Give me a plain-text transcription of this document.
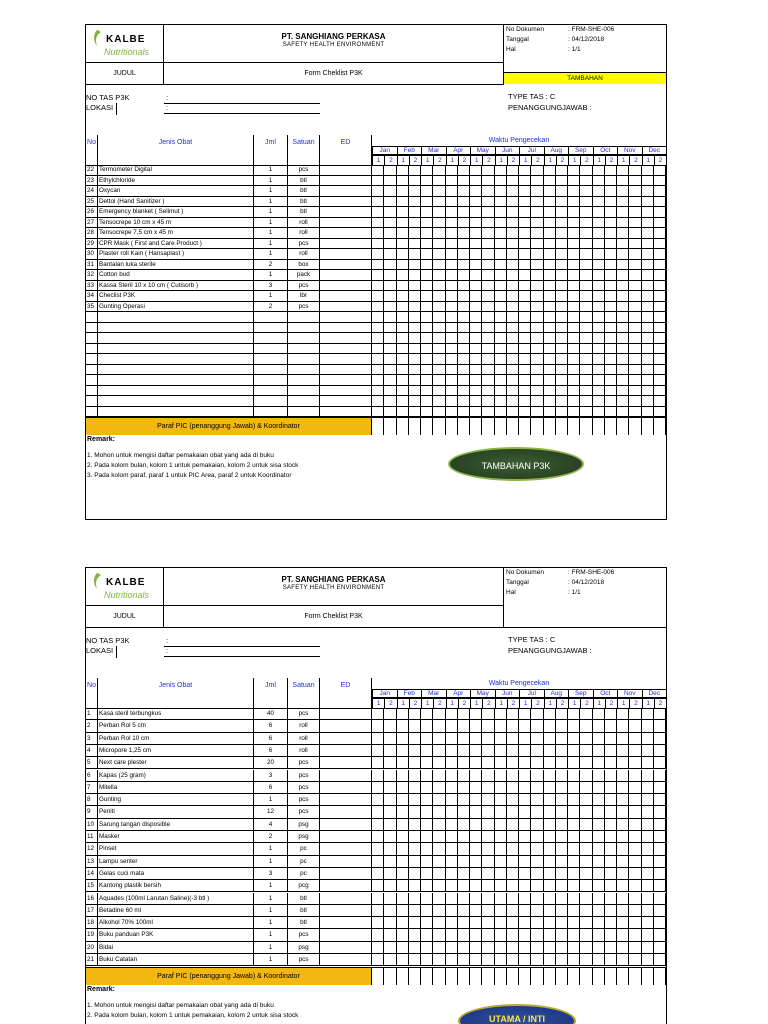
KALBE
Nutritionals
PT. SANGHIANG PERKASA
SAFETY HEALTH ENVIRONMENT
No Dokumen	: FRM-SHE-006
Tanggal	: 04/12/2018
Hal	: 1/1
TAMBAHAN
JUDUL	Form Cheklist P3K
NO TAS P3K
LOKASI
:
:
TYPE TAS : C
PENANGGUNGJAWAB :
No	Jenis Obat	Jml	Satuan	ED	Waktu Pengecekan
Jan
1	2
Feb
1	2
Mar
1	2
Apr
1	2
May
1	2
Jun
1	2
Jul
1	2
Aug
1	2
Sep
1	2
Oct
1	2
Nov
1	2
Dec
1	2
22 Termometer Digital	1	pcs
23 Ethylchloride	1	btl
24 Oxycan	1	btl
25 Dettol (Hand Sanitizer )	1	btl
26 Emergency blanket ( Selimut )	1	btl
27 Tensocrepe 10 cm x 45 m	1	roll
28 Tensocrepe 7,5 cm x 45 m	1	roll
29 CPR Mask ( First and Care Product )	1	pcs
30 Plaster roll Kain ( Hansaplast )	1	roll
31 Bantalan luka sterile	2	box
32 Cotton bud	1	pack
33 Kassa Steril 10 x 10 cm ( Cutisorb )	3	pcs
34 Checlist P3K	1	lbr
35 Gunting Operasi	2	pcs
Paraf PIC (penanggung Jawab) & Koordinator
Remark:
1. Mohon untuk mengisi daftar pemakaian obat yang ada di buku
2. Pada kolom bulan, kolom 1 untuk pemakaian, kolom 2 untuk sisa stock
3. Pada kolom paraf, paraf 1 untuk PIC Area, paraf 2 untuk Koordinator
TAMBAHAN P3K
KALBE
Nutritionals
PT. SANGHIANG PERKASA
SAFETY HEALTH ENVIRONMENT
No Dokumen	: FRM-SHE-006
Tanggal	: 04/12/2018
Hal	: 1/1
JUDUL	Form Cheklist P3K
NO TAS P3K
LOKASI
:
:
TYPE TAS : C
PENANGGUNGJAWAB :
No	Jenis Obat	Jml	Satuan	ED	Waktu Pengecekan
Jan
1	2
Feb
1	2
Mar
1	2
Apr
1	2
May
1	2
Jun
1	2
Jul
1	2
Aug
1	2
Sep
1	2
Oct
1	2
Nov
1	2
Dec
1	2
1	Kasa steril terbungkus	40	pcs
2	Perban Rol 5 cm	6	roll
3	Perban Rol 10 cm	6	roll
4	Micropore 1,25 cm	6	roll
5	Next care plester	20	pcs
6	Kapas (25 gram)	3	pcs
7	Mitella	6	pcs
8	Gunting	1	pcs
9	Peniti	12	pcs
10 Sarung tangan disposible	4	psg
11 Masker	2	psg
12 Pinset	1	pc
13 Lampu senter	1	pc
14 Gelas cuci mata	3	pc
15 Kantong plastik bersih	1	pcg
16 Aquades (100ml Larutan Saline)(-3 btl )	1	btl
17 Betadine 60 ml	1	btl
18 Alkohol 70% 100ml	1	btl
19 Buku panduan P3K	1	pcs
20 Bidai	1	psg
21 Buku Catatan	1	pcs
Paraf PIC (penanggung Jawab) & Koordinator
Remark:
1. Mohon untuk mengisi daftar pemakaian obat yang ada di buku
2. Pada kolom bulan, kolom 1 untuk pemakaian, kolom 2 untuk sisa stock	UTAMA / INTI
